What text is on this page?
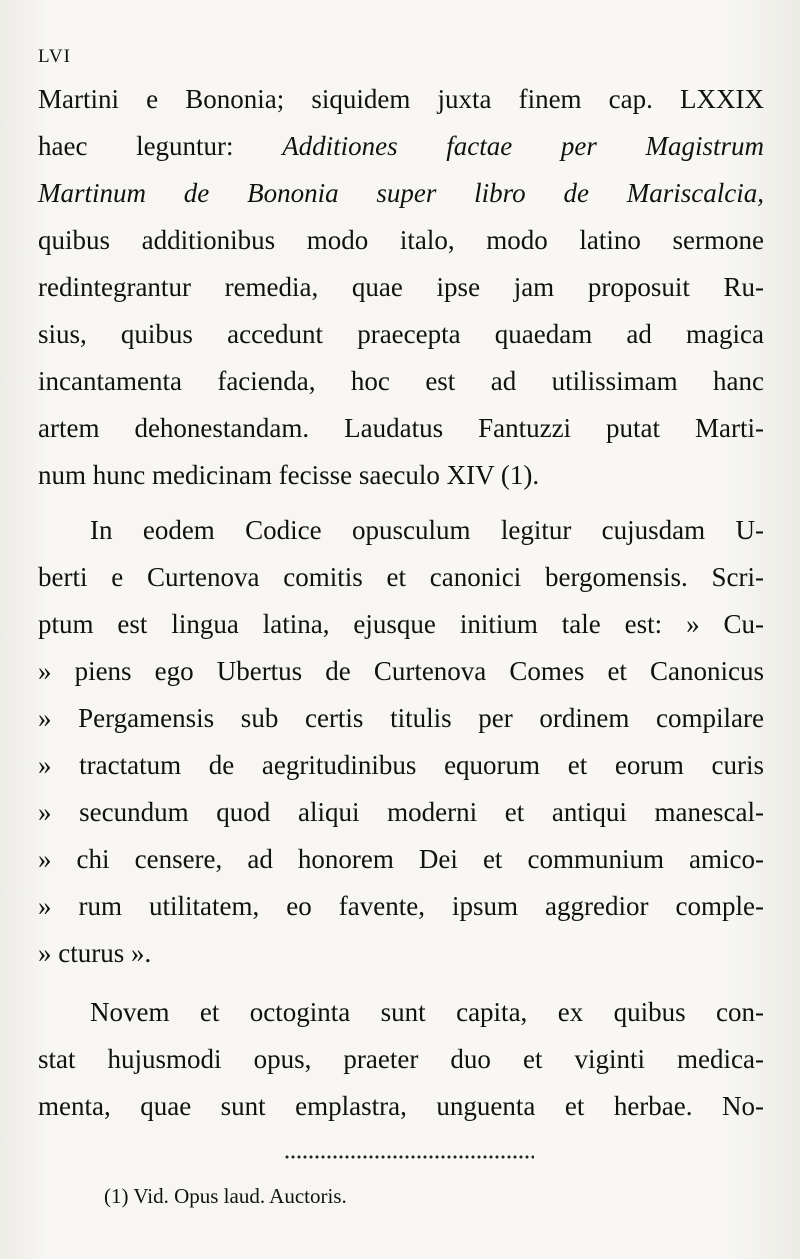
LVI
Martini e Bononia; siquidem juxta finem cap. LXXIX
haec leguntur: Additiones factae per Magistrum
Martinum de Bononia super libro de Mariscalcia,
quibus additionibus modo italo, modo latino sermone
redintegrantur remedia, quae ipse jam proposuit Ru-
sius, quibus accedunt praecepta quaedam ad magica
incantamenta facienda, hoc est ad utilissimam hanc
artem dehonestandam. Laudatus Fantuzzi putat Marti-
num hunc medicinam fecisse saeculo XIV (1).
In eodem Codice opusculum legitur cujusdam U-
berti e Curtenova comitis et canonici bergomensis. Scri-
ptum est lingua latina, ejusque initium tale est: » Cu-
» piens ego Ubertus de Curtenova Comes et Canonicus
» Pergamensis sub certis titulis per ordinem compilare
» tractatum de aegritudinibus equorum et eorum curis
» secundum quod aliqui moderni et antiqui manescal-
» chi censere, ad honorem Dei et communium amico-
» rum utilitatem, eo favente, ipsum aggredior comple-
» cturus ».
Novem et octoginta sunt capita, ex quibus con-
stat hujusmodi opus, praeter duo et viginti medica-
menta, quae sunt emplastra, unguenta et herbae. No-
(1) Vid. Opus laud. Auctoris.
